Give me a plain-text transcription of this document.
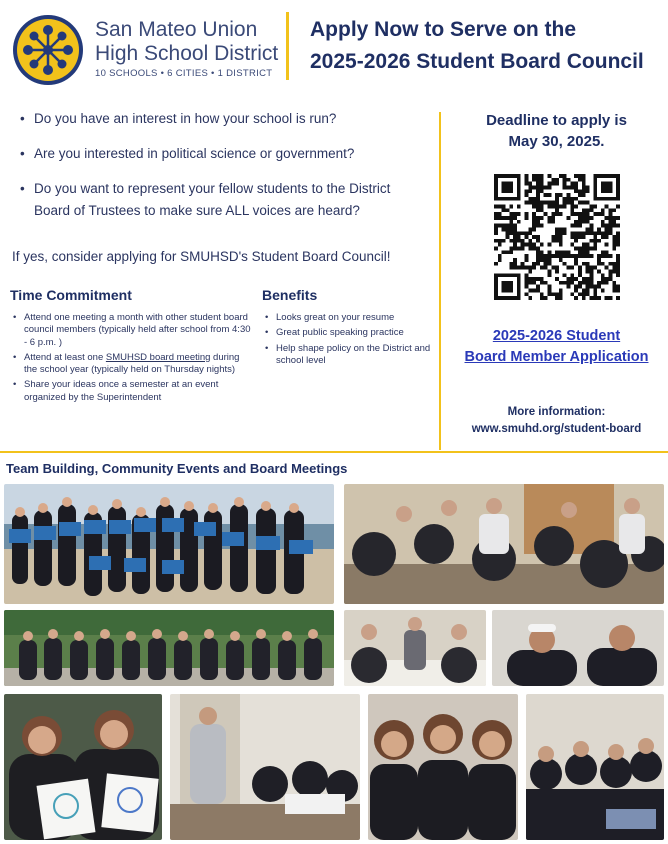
San Mateo Union
High School District
10 SCHOOLS • 6 CITIES • 1 DISTRICT
Apply Now to Serve on the
2025-2026 Student Board Council
• Do you have an interest in how your school is run?
• Are you interested in political science or government?
• Do you want to represent your fellow students to the District Board of Trustees to make sure ALL voices are heard?
If yes, consider applying for SMUHSD's Student Board Council!
Time Commitment
• Attend one meeting a month with other student board council members (typically held after school from 4:30 - 6 p.m. )
• Attend at least one SMUHSD board meeting during the school year (typically held on Thursday nights)
• Share your ideas once a semester at an event organized by the Superintendent
Benefits
• Looks great on your resume
• Great public speaking practice
• Help shape policy on the District and school level
Deadline to apply is
May 30, 2025.
2025-2026 Student
Board Member Application
More information:
www.smuhd.org/student-board
Team Building, Community Events and Board Meetings
